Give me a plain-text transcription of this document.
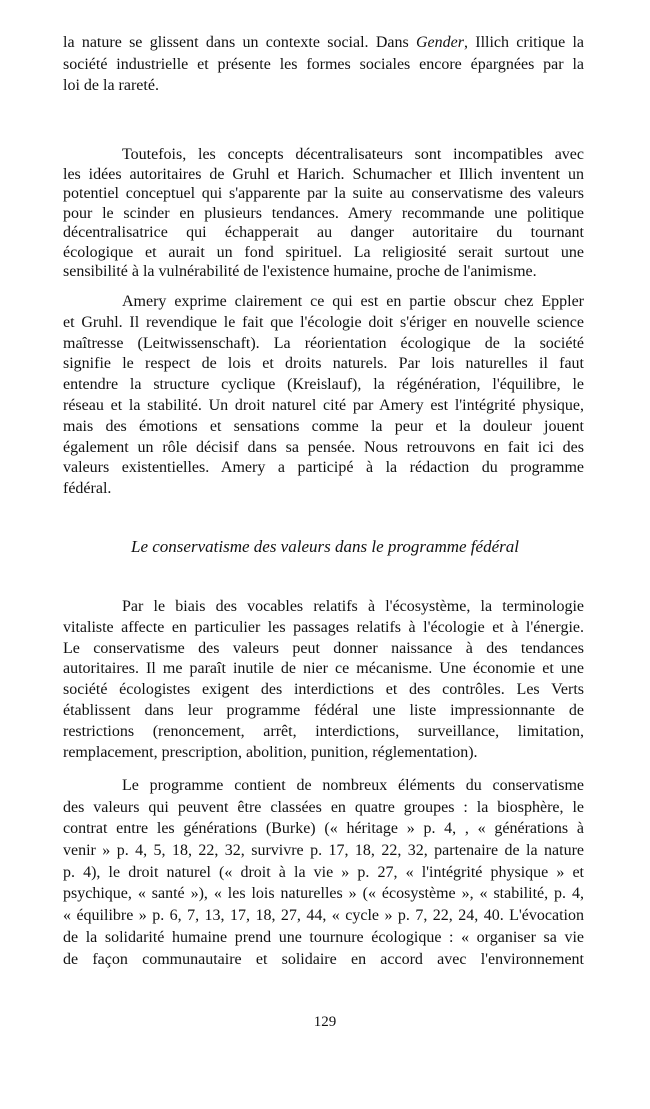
la nature se glissent dans un contexte social. Dans Gender, Illich critique la
société industrielle et présente les formes sociales encore épargnées par la
loi de la rareté.
Toutefois, les concepts décentralisateurs sont incompatibles avec
les idées autoritaires de Gruhl et Harich. Schumacher et Illich inventent un
potentiel conceptuel qui s'apparente par la suite au conservatisme des valeurs
pour le scinder en plusieurs tendances. Amery recommande une politique
décentralisatrice qui échapperait au danger autoritaire du tournant
écologique et aurait un fond spirituel. La religiosité serait surtout une
sensibilité à la vulnérabilité de l'existence humaine, proche de l'animisme.
Amery exprime clairement ce qui est en partie obscur chez Eppler
et Gruhl. Il revendique le fait que l'écologie doit s'ériger en nouvelle science
maîtresse (Leitwissenschaft). La réorientation écologique de la société
signifie le respect de lois et droits naturels. Par lois naturelles il faut
entendre la structure cyclique (Kreislauf), la régénération, l'équilibre, le
réseau et la stabilité. Un droit naturel cité par Amery est l'intégrité physique,
mais des émotions et sensations comme la peur et la douleur jouent
également un rôle décisif dans sa pensée. Nous retrouvons en fait ici des
valeurs existentielles. Amery a participé à la rédaction du programme
fédéral.
Le conservatisme des valeurs dans le programme fédéral
Par le biais des vocables relatifs à l'écosystème, la terminologie
vitaliste affecte en particulier les passages relatifs à l'écologie et à l'énergie.
Le conservatisme des valeurs peut donner naissance à des tendances
autoritaires. Il me paraît inutile de nier ce mécanisme. Une économie et une
société écologistes exigent des interdictions et des contrôles. Les Verts
établissent dans leur programme fédéral une liste impressionnante de
restrictions (renoncement, arrêt, interdictions, surveillance, limitation,
remplacement, prescription, abolition, punition, réglementation).
Le programme contient de nombreux éléments du conservatisme
des valeurs qui peuvent être classées en quatre groupes : la biosphère, le
contrat entre les générations (Burke) (« héritage » p. 4, , « générations à
venir » p. 4, 5, 18, 22, 32, survivre p. 17, 18, 22, 32, partenaire de la nature
p. 4), le droit naturel (« droit à la vie » p. 27, « l'intégrité physique » et
psychique, « santé »), « les lois naturelles » (« écosystème », « stabilité, p. 4,
« équilibre » p. 6, 7, 13, 17, 18, 27, 44, « cycle » p. 7, 22, 24, 40. L'évocation
de la solidarité humaine prend une tournure écologique : « organiser sa vie
de façon communautaire et solidaire en accord avec l'environnement
129
